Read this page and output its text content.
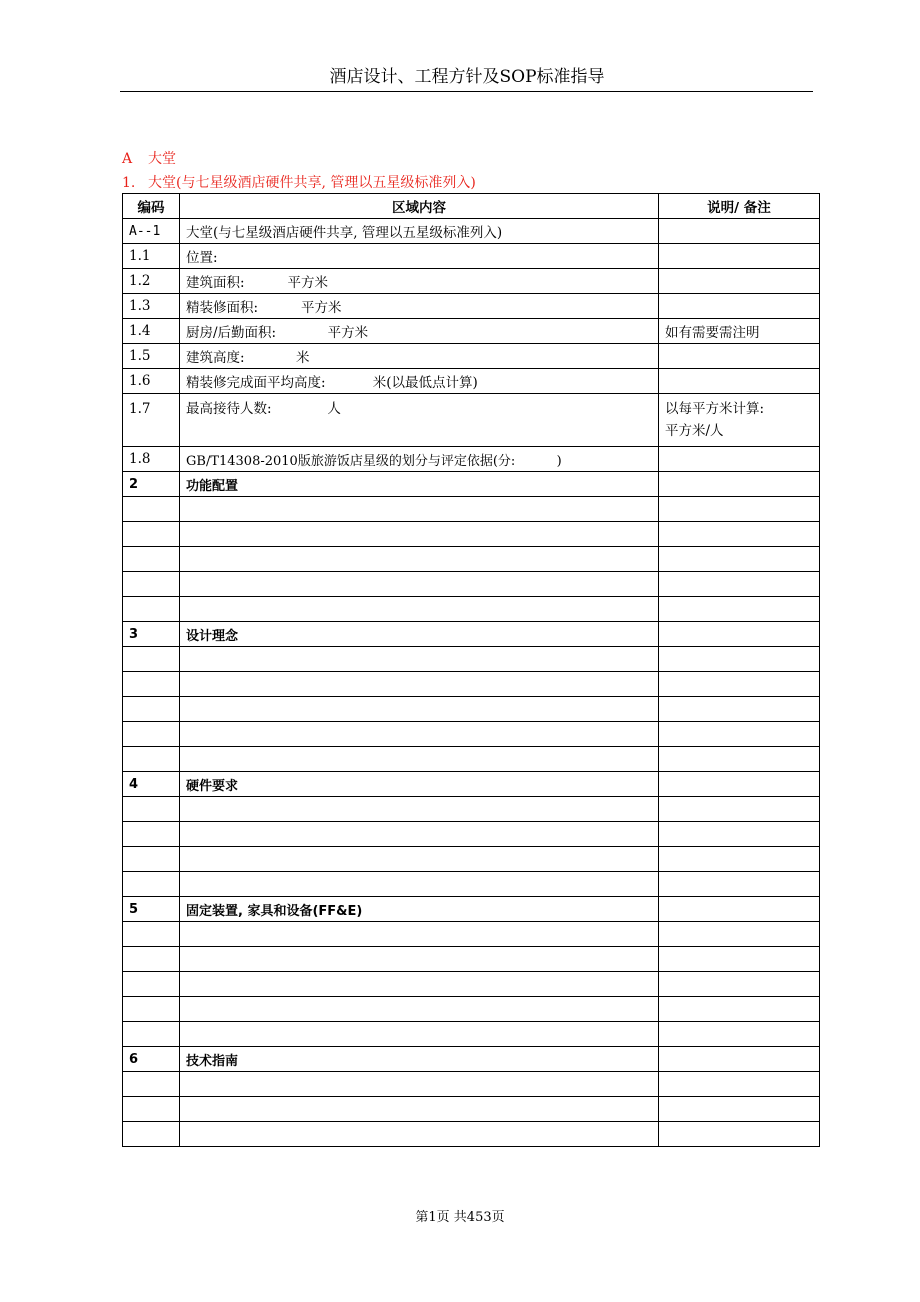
酒店设计、工程方针及SOP标准指导
A 大堂
1. 大堂(与七星级酒店硬件共享, 管理以五星级标准列入)
编码	区域内容	说明/ 备注
A--1	大堂(与七星级酒店硬件共享, 管理以五星级标准列入)	
1.1	位置:	
1.2	建筑面积:          平方米	
1.3	精装修面积:          平方米	
1.4	厨房/后勤面积:            平方米	如有需要需注明
1.5	建筑高度:            米	
1.6	精装修完成面平均高度:           米(以最低点计算)	
1.7	最高接待人数:             人	以每平方米计算:
平方米/人

1.8	GB/T14308-2010版旅游饭店星级的划分与评定依据(分:          )	
2	功能配置	

3	设计理念	

4	硬件要求	

5	固定装置, 家具和设备(FF&E)	

6	技术指南	

第1页 共453页
